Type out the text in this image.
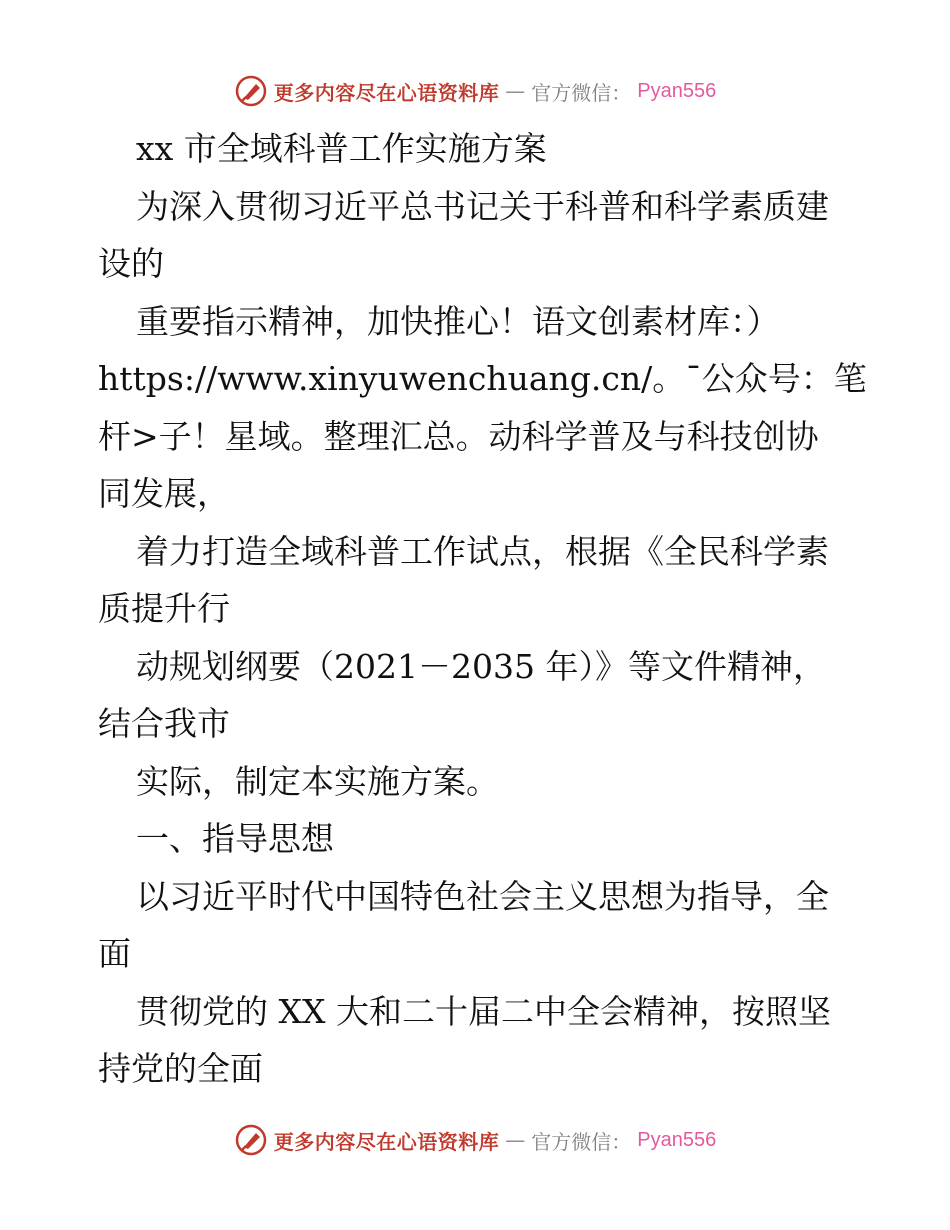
更多内容尽在心语资料库 — 官方微信： Pyan556
xx 市全域科普工作实施方案
为深入贯彻习近平总书记关于科普和科学素质建
设的
重要指示精神，加快推心！语文创素材库：）
https://www.xinyuwenchuang.cn/。¯公众号：笔
杆>子！星域。整理汇总。动科学普及与科技创协
同发展，
着力打造全域科普工作试点，根据《全民科学素
质提升行
动规划纲要（2021－2035 年）》等文件精神，
结合我市
实际，制定本实施方案。
一、指导思想
以习近平时代中国特色社会主义思想为指导，全
面
贯彻党的 XX 大和二十届二中全会精神，按照坚
持党的全面
更多内容尽在心语资料库 — 官方微信： Pyan556
